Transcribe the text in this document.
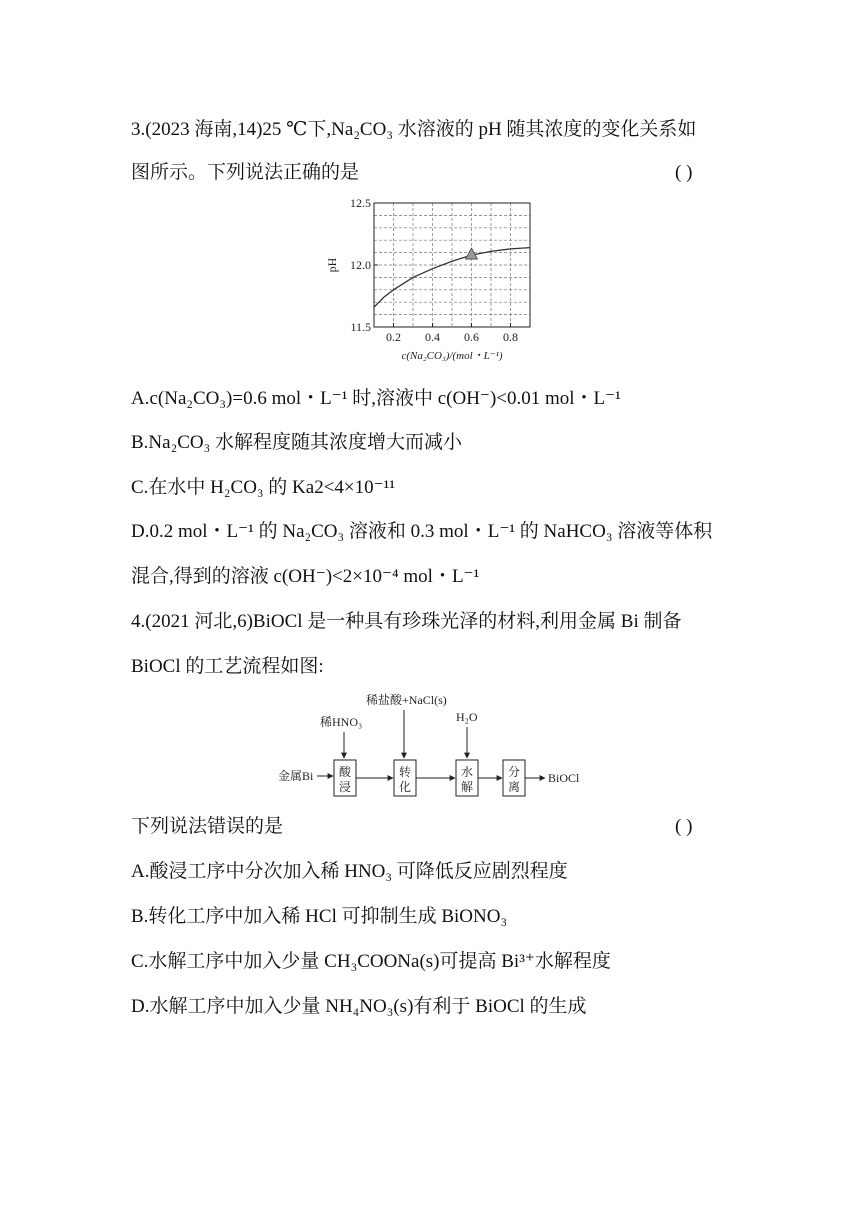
3.(2023 海南,14)25 ℃下,Na₂CO₃ 水溶液的 pH 随其浓度的变化关系如
图所示。下列说法正确的是	( )
0.2 0.4 0.6 0.8
12.5
12.0
11.5
pH
c(Na₂CO₃)/(mol・L⁻¹)
A.c(Na₂CO₃)=0.6 mol・L⁻¹ 时,溶液中 c(OH⁻)<0.01 mol・L⁻¹
B.Na₂CO₃ 水解程度随其浓度增大而减小
C.在水中 H₂CO₃ 的 Ka2<4×10⁻¹¹
D.0.2 mol・L⁻¹ 的 Na₂CO₃ 溶液和 0.3 mol・L⁻¹ 的 NaHCO₃ 溶液等体积
混合,得到的溶液 c(OH⁻)<2×10⁻⁴ mol・L⁻¹
4.(2021 河北,6)BiOCl 是一种具有珍珠光泽的材料,利用金属 Bi 制备
BiOCl 的工艺流程如图:
稀HNO₃
稀盐酸+NaCl(s)
H₂O
金属Bi 酸浸
转化
水解
分离
BiOCl
下列说法错误的是	( )
A.酸浸工序中分次加入稀 HNO₃ 可降低反应剧烈程度
B.转化工序中加入稀 HCl 可抑制生成 BiONO₃
C.水解工序中加入少量 CH₃COONa(s)可提高 Bi³⁺水解程度
D.水解工序中加入少量 NH₄NO₃(s)有利于 BiOCl 的生成
